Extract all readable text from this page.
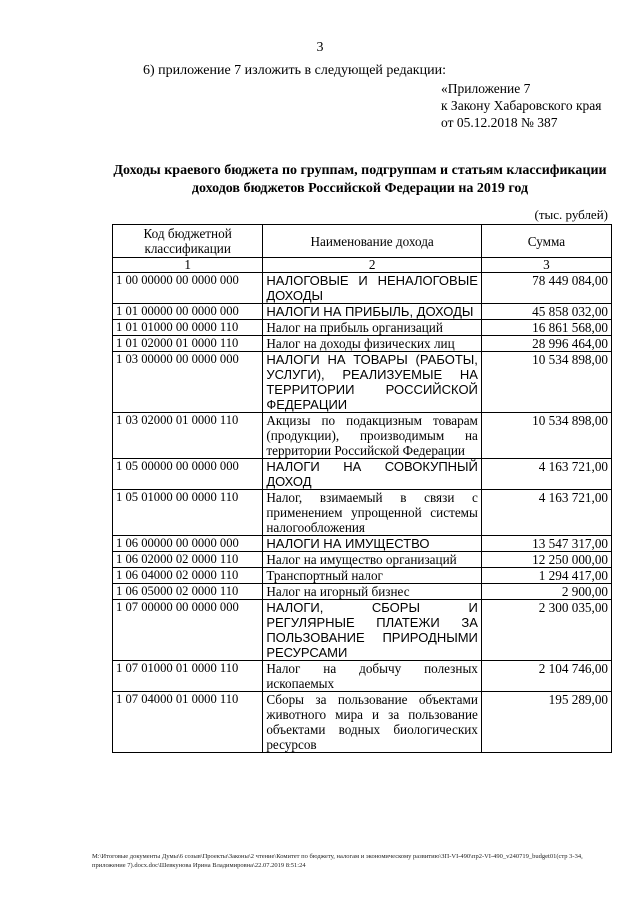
3
6) приложение 7 изложить в следующей редакции:
«Приложение 7
к Закону Хабаровского края
от 05.12.2018 № 387
Доходы краевого бюджета по группам, подгруппам и статьям классификации
доходов бюджетов Российской Федерации на 2019 год
(тыс. рублей)
Код бюджетной классификации	Наименование дохода	Сумма
1	2	3
1 00 00000 00 0000 000	НАЛОГОВЫЕ И НЕНАЛОГОВЫЕ ДОХОДЫ	78 449 084,00
1 01 00000 00 0000 000	НАЛОГИ НА ПРИБЫЛЬ, ДОХОДЫ	45 858 032,00
1 01 01000 00 0000 110	Налог на прибыль организаций	16 861 568,00
1 01 02000 01 0000 110	Налог на доходы физических лиц	28 996 464,00
1 03 00000 00 0000 000	НАЛОГИ НА ТОВАРЫ (РАБОТЫ, УСЛУГИ), РЕАЛИЗУЕМЫЕ НА ТЕРРИТОРИИ РОССИЙСКОЙ ФЕДЕРАЦИИ	10 534 898,00
1 03 02000 01 0000 110	Акцизы по подакцизным товарам (продукции), производимым на территории Российской Федерации	10 534 898,00
1 05 00000 00 0000 000	НАЛОГИ НА СОВОКУПНЫЙ ДОХОД	4 163 721,00
1 05 01000 00 0000 110	Налог, взимаемый в связи с применением упрощенной системы налогообложения	4 163 721,00
1 06 00000 00 0000 000	НАЛОГИ НА ИМУЩЕСТВО	13 547 317,00
1 06 02000 02 0000 110	Налог на имущество организаций	12 250 000,00
1 06 04000 02 0000 110	Транспортный налог	1 294 417,00
1 06 05000 02 0000 110	Налог на игорный бизнес	2 900,00
1 07 00000 00 0000 000	НАЛОГИ, СБОРЫ И РЕГУЛЯРНЫЕ ПЛАТЕЖИ ЗА ПОЛЬЗОВАНИЕ ПРИРОДНЫМИ РЕСУРСАМИ	2 300 035,00
1 07 01000 01 0000 110	Налог на добычу полезных ископаемых	2 104 746,00
1 07 04000 01 0000 110	Сборы за пользование объектами животного мира и за пользование объектами водных биологических ресурсов	195 289,00
M:\Итоговые документы Думы\6 созыв\Проекты\Законы\2 чтение\Комитет по бюджету, налогам и экономическому развитию\ЗП-VI-490\пр2-VI-490_v240719_budget01(стр 3-34, приложение 7).docx.doc\Шевкунова Ирина Владимировна\22.07.2019 8:51:24
